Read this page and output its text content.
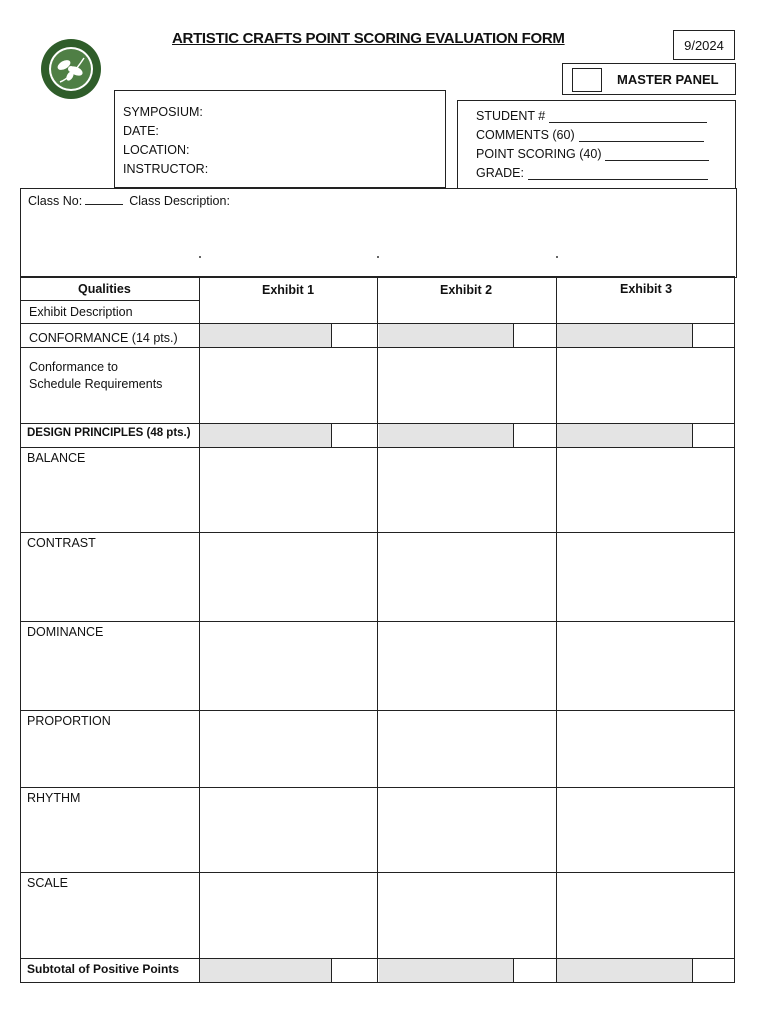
ARTISTIC CRAFTS POINT SCORING EVALUATION FORM	9/2024
MASTER PANEL
SYMPOSIUM:
DATE:
LOCATION:
INSTRUCTOR:
STUDENT #
COMMENTS (60)
POINT SCORING (40)
GRADE:
Class No:	Class Description:
Qualities	Exhibit 1	Exhibit 2	Exhibit 3
Exhibit Description
CONFORMANCE (14 pts.)
Conformance to
Schedule Requirements
DESIGN PRINCIPLES (48 pts.)
BALANCE
CONTRAST
DOMINANCE
PROPORTION
RHYTHM
SCALE
Subtotal of Positive Points
